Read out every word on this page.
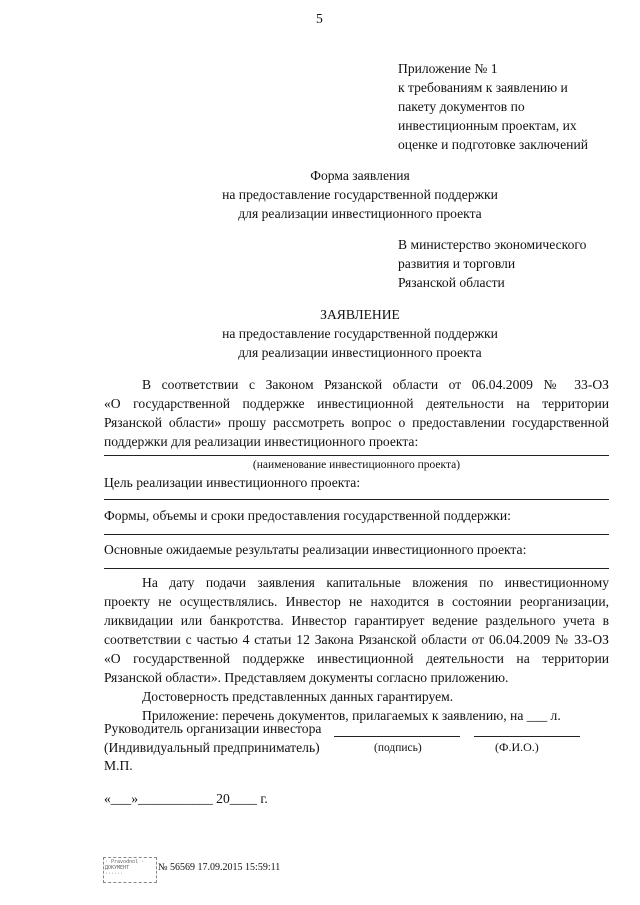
5
Приложение № 1
к требованиям к заявлению и
пакету документов по
инвестиционным проектам, их
оценке и подготовке заключений
Форма заявления
на предоставление государственной поддержки
для реализации инвестиционного проекта
В министерство экономического
развития и торговли
Рязанской области
ЗАЯВЛЕНИЕ
на предоставление государственной поддержки
для реализации инвестиционного проекта
В соответствии с Законом Рязанской области от 06.04.2009 № 33-ОЗ
«О государственной поддержке инвестиционной деятельности на территории
Рязанской области» прошу рассмотреть вопрос о предоставлении государственной
поддержки для реализации инвестиционного проекта:
(наименование инвестиционного проекта)
Цель реализации инвестиционного проекта:
Формы, объемы и сроки предоставления государственной поддержки:
Основные ожидаемые результаты реализации инвестиционного проекта:
На дату подачи заявления капитальные вложения по инвестиционному
проекту не осуществлялись. Инвестор не находится в состоянии реорганизации,
ликвидации или банкротства. Инвестор гарантирует ведение раздельного учета в
соответствии с частью 4 статьи 12 Закона Рязанской области от 06.04.2009 № 33-ОЗ
«О государственной поддержке инвестиционной деятельности на территории
Рязанской области». Представляем документы согласно приложению.
Достоверность представленных данных гарантируем.
Приложение: перечень документов, прилагаемых к заявлению, на ___ л.
Руководитель организации инвестора
(Индивидуальный предприниматель)	(подпись)	(Ф.И.О.)
М.П.
«___»___________ 20____ г.
· Pravodnol ·
ДОКУМЕНТ
······
№ 56569 17.09.2015 15:59:11
